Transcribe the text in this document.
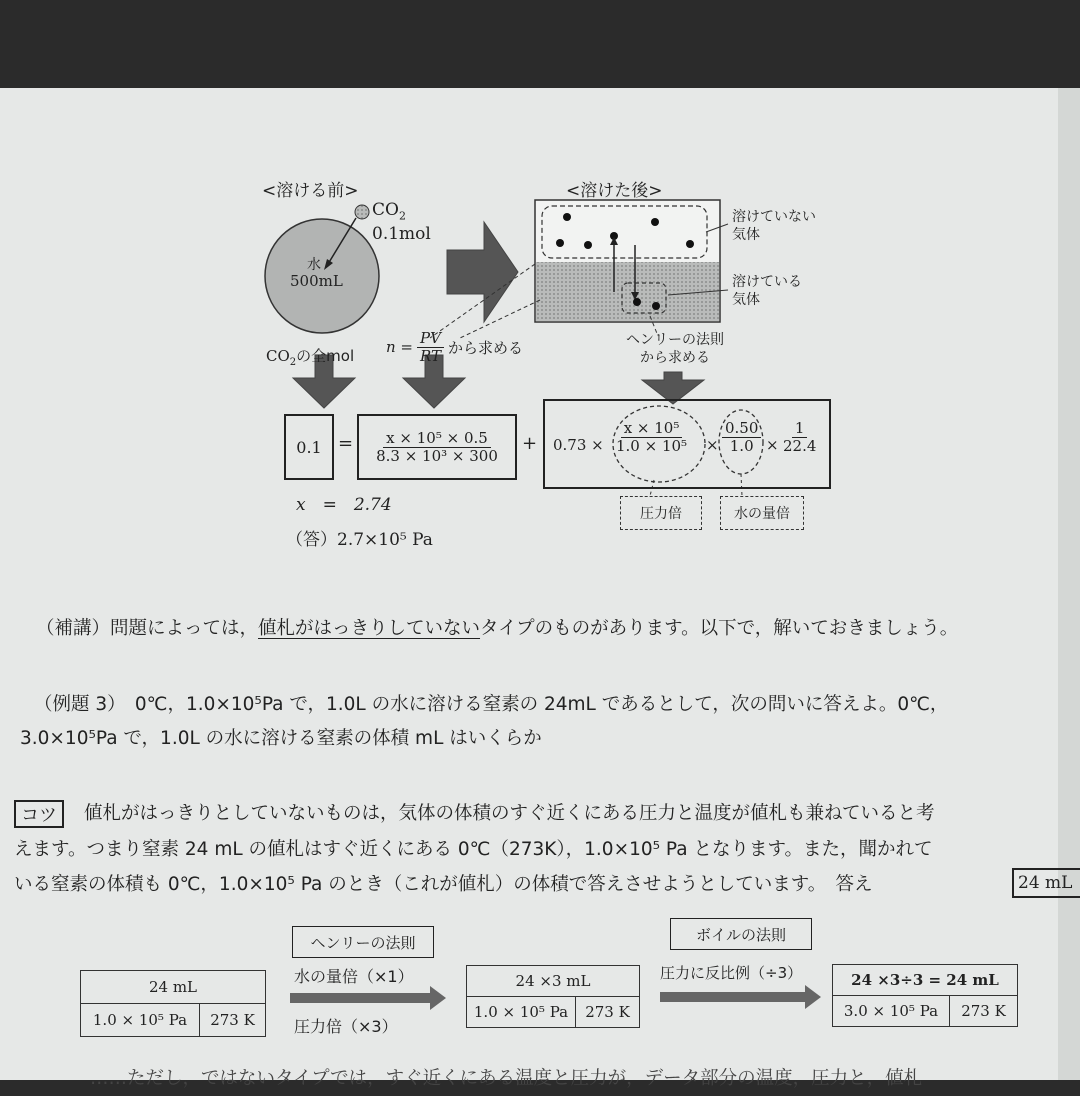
<溶ける前>	<溶けた後>
$CO_2$
0.1mol
水
500mL
溶けていない
気体
溶けている
気体
$CO_2$の全mol $n = \frac{PV}{RT}$ から求める	ヘンリーの法則
から求める
$0.1 = \frac{\text{x × 10⁵ × 0.5}}{\text{8.3 × 10³ × 300}} + 0.73 \times \frac{\text{x × 10⁵}}{\text{1.0 × 10⁵}} \times \frac{0.50}{1.0} \times \frac{1}{22.4}$
圧力倍	水の量倍
x　=　2.74
（答）2.7×10⁵ Pa
（補講）問題によっては，値札がはっきりしていないタイプのものがあります。以下で，解いておきましょう。
（例題 3）　0℃，1.0×10⁵Pa で，1.0L の水に溶ける窒素の 24mL であるとして，次の問いに答えよ。0℃，
3.0×10⁵Pa で，1.0L の水に溶ける窒素の体積 mL はいくらか
コツ	値札がはっきりとしていないものは，気体の体積のすぐ近くにある圧力と温度が値札も兼ねていると考
えます。つまり窒素 24 mL の値札はすぐ近くにある 0℃（273K），1.0×10⁵ Pa となります。また，聞かれて
いる窒素の体積も 0℃，1.0×10⁵ Pa のとき（これが値札）の体積で答えさせようとしています。　答え	24 mL
ヘンリーの法則	ボイルの法則
24 mL
1.0 × 10⁵ Pa	273 K
水の量倍（×1）
圧力倍（×3）
24 ×3 mL
1.0 × 10⁵ Pa	273 K
圧力に反比例（÷3）	24 ×3÷3 = 24 mL
3.0 × 10⁵ Pa	273 K
……ただし，ではないタイプでは，すぐ近くにある温度と圧力が，データ部分の温度，圧力と，値札
